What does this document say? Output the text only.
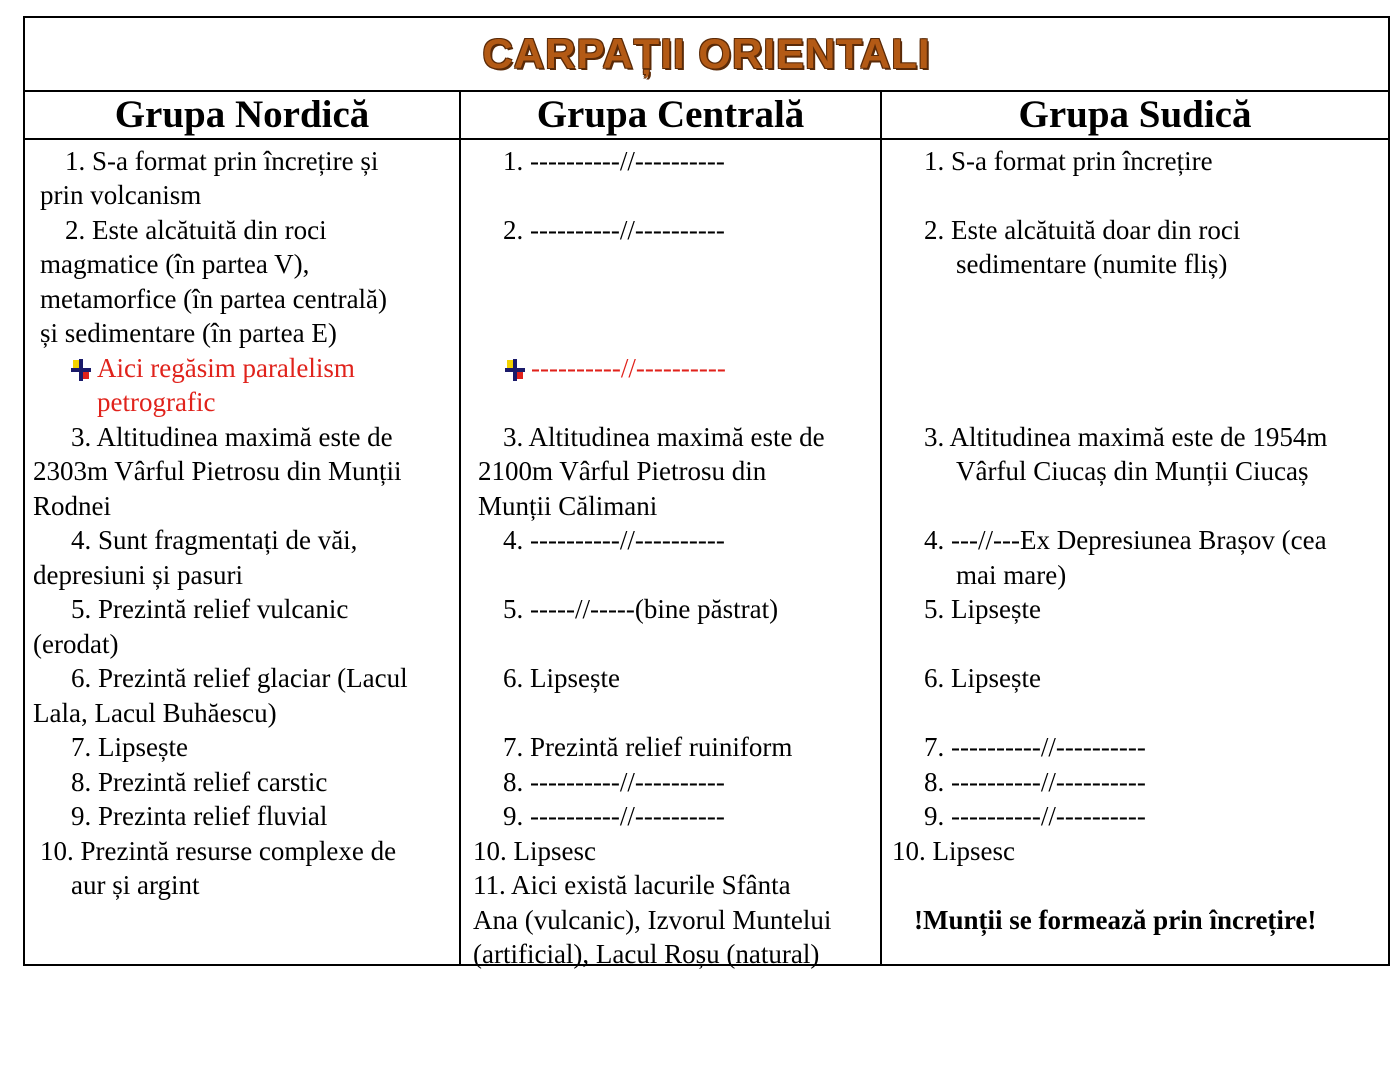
CARPAȚII ORIENTALI
Grupa Nordică
1. S-a format prin încrețire și
prin volcanism
2. Este alcătuită din roci
magmatice (în partea V),
metamorfice (în partea centrală)
și sedimentare (în partea E)
Aici regăsim paralelism
petrografic
3. Altitudinea maximă este de
2303m Vârful Pietrosu din Munții
Rodnei
4. Sunt fragmentați de văi,
depresiuni și pasuri
5. Prezintă relief vulcanic
(erodat)
6. Prezintă relief glaciar (Lacul
Lala, Lacul Buhăescu)
7. Lipsește
8. Prezintă relief carstic
9. Prezinta relief fluvial
10. Prezintă resurse complexe de
aur și argint
Grupa Centrală
1. ----------//----------
2. ----------//----------
----------//----------
3. Altitudinea maximă este de
2100m Vârful Pietrosu din
Munții Călimani
4. ----------//----------
5. -----//-----(bine păstrat)
6. Lipsește
7. Prezintă relief ruiniform
8. ----------//----------
9. ----------//----------
10. Lipsesc
11. Aici există lacurile Sfânta
Ana (vulcanic), Izvorul Muntelui
(artificial), Lacul Roșu (natural)
Grupa Sudică
1. S-a format prin încrețire
2. Este alcătuită doar din roci
sedimentare (numite fliș)
3. Altitudinea maximă este de 1954m
Vârful Ciucaș din Munții Ciucaș
4. ---//---Ex Depresiunea Brașov (cea
mai mare)
5. Lipsește
6. Lipsește
7. ----------//----------
8. ----------//----------
9. ----------//----------
10. Lipsesc
!Munții se formează prin încrețire!
